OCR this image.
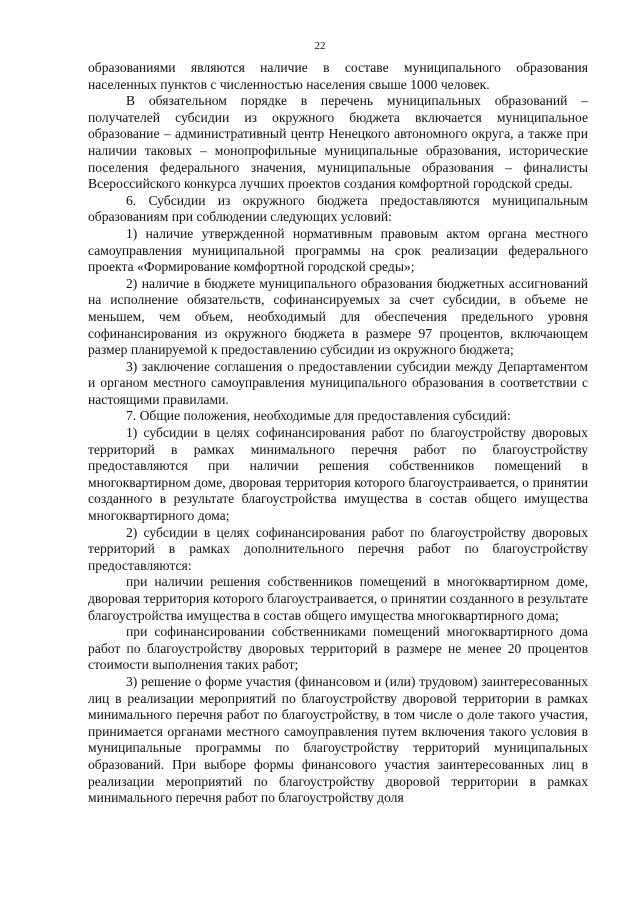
22

образованиями являются наличие в составе муниципального образования населенных пунктов с численностью населения свыше 1000 человек.

В обязательном порядке в перечень муниципальных образований – получателей субсидии из окружного бюджета включается муниципальное образование – административный центр Ненецкого автономного округа, а также при наличии таковых – монопрофильные муниципальные образования, исторические поселения федерального значения, муниципальные образования – финалисты Всероссийского конкурса лучших проектов создания комфортной городской среды.

6. Субсидии из окружного бюджета предоставляются муниципальным образованиям при соблюдении следующих условий:

1) наличие утвержденной нормативным правовым актом органа местного самоуправления муниципальной программы на срок реализации федерального проекта «Формирование комфортной городской среды»;

2) наличие в бюджете муниципального образования бюджетных ассигнований на исполнение обязательств, софинансируемых за счет субсидии, в объеме не меньшем, чем объем, необходимый для обеспечения предельного уровня софинансирования из окружного бюджета в размере 97 процентов, включающем размер планируемой к предоставлению субсидии из окружного бюджета;

3) заключение соглашения о предоставлении субсидии между Департаментом и органом местного самоуправления муниципального образования в соответствии с настоящими правилами.

7. Общие положения, необходимые для предоставления субсидий:

1) субсидии в целях софинансирования работ по благоустройству дворовых территорий в рамках минимального перечня работ по благоустройству предоставляются при наличии решения собственников помещений в многоквартирном доме, дворовая территория которого благоустраивается, о принятии созданного в результате благоустройства имущества в состав общего имущества многоквартирного дома;

2) субсидии в целях софинансирования работ по благоустройству дворовых территорий в рамках дополнительного перечня работ по благоустройству предоставляются:

при наличии решения собственников помещений в многоквартирном доме, дворовая территория которого благоустраивается, о принятии созданного в результате благоустройства имущества в состав общего имущества многоквартирного дома;

при софинансировании собственниками помещений многоквартирного дома работ по благоустройству дворовых территорий в размере не менее 20 процентов стоимости выполнения таких работ;

3) решение о форме участия (финансовом и (или) трудовом) заинтересованных лиц в реализации мероприятий по благоустройству дворовой территории в рамках минимального перечня работ по благоустройству, в том числе о доле такого участия, принимается органами местного самоуправления путем включения такого условия в муниципальные программы по благоустройству территорий муниципальных образований. При выборе формы финансового участия заинтересованных лиц в реализации мероприятий по благоустройству дворовой территории в рамках минимального перечня работ по благоустройству доля
